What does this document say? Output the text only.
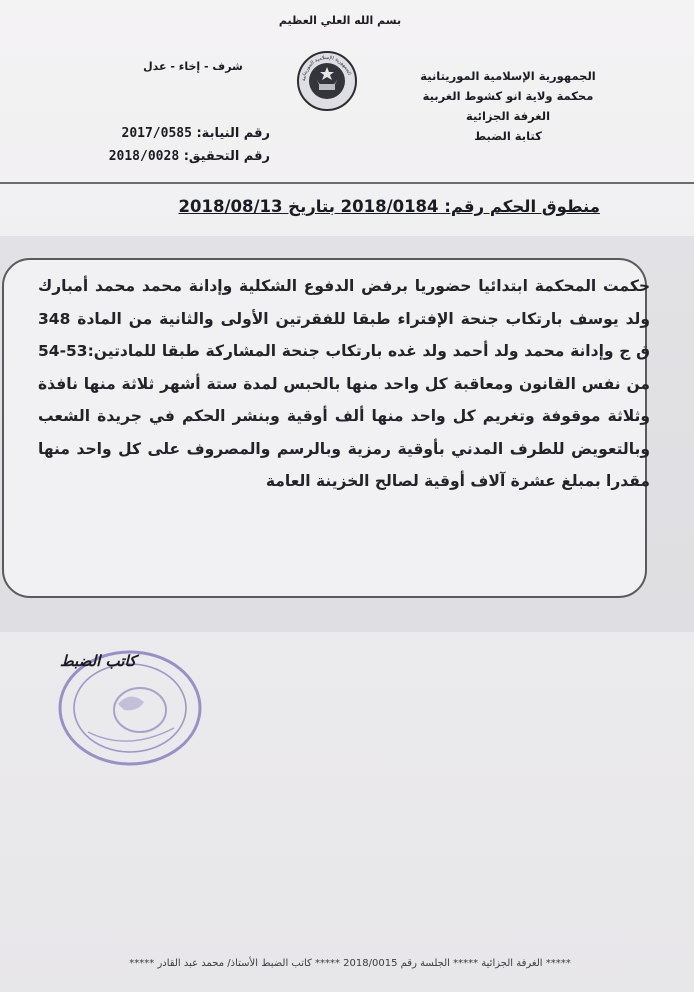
بسم الله العلي العظيم
الجمهورية الإسلامية الموريتانية
محكمة ولاية انو كشوط الغربية
الغرفة الجزائية
كتابة الضبط
الجمهورية الإسلامية الموريتانية
شرف - إخاء - عدل
رقم النيابة: 2017/0585
رقم التحقيق: 2018/0028
منطوق الحكم رقم: 2018/0184 بتاريخ 2018/08/13
حكمت المحكمة ابتدائيا حضوريا برفض الدفوع الشكلية وإدانة محمد محمد أمبارك ولد يوسف بارتكاب جنحة الإفتراء طبقا للفقرتين الأولى والثانية من المادة 348 ق ج وإدانة محمد ولد أحمد ولد غده بارتكاب جنحة المشاركة طبقا للمادتين:53-54 من نفس القانون ومعاقبة كل واحد منها بالحبس لمدة ستة أشهر ثلاثة منها نافذة وثلاثة موقوفة وتغريم كل واحد منها ألف أوقية وبنشر الحكم في جريدة الشعب وبالتعويض للطرف المدني بأوقية رمزية وبالرسم والمصروف على كل واحد منها مقدرا بمبلغ عشرة آلاف أوقية لصالح الخزينة العامة
كاتب الضبط
***** الغرفة الجزائية ***** الجلسة رقم 2018/0015 ***** كاتب الضبط الأستاذ/ محمد عبد القادر *****
